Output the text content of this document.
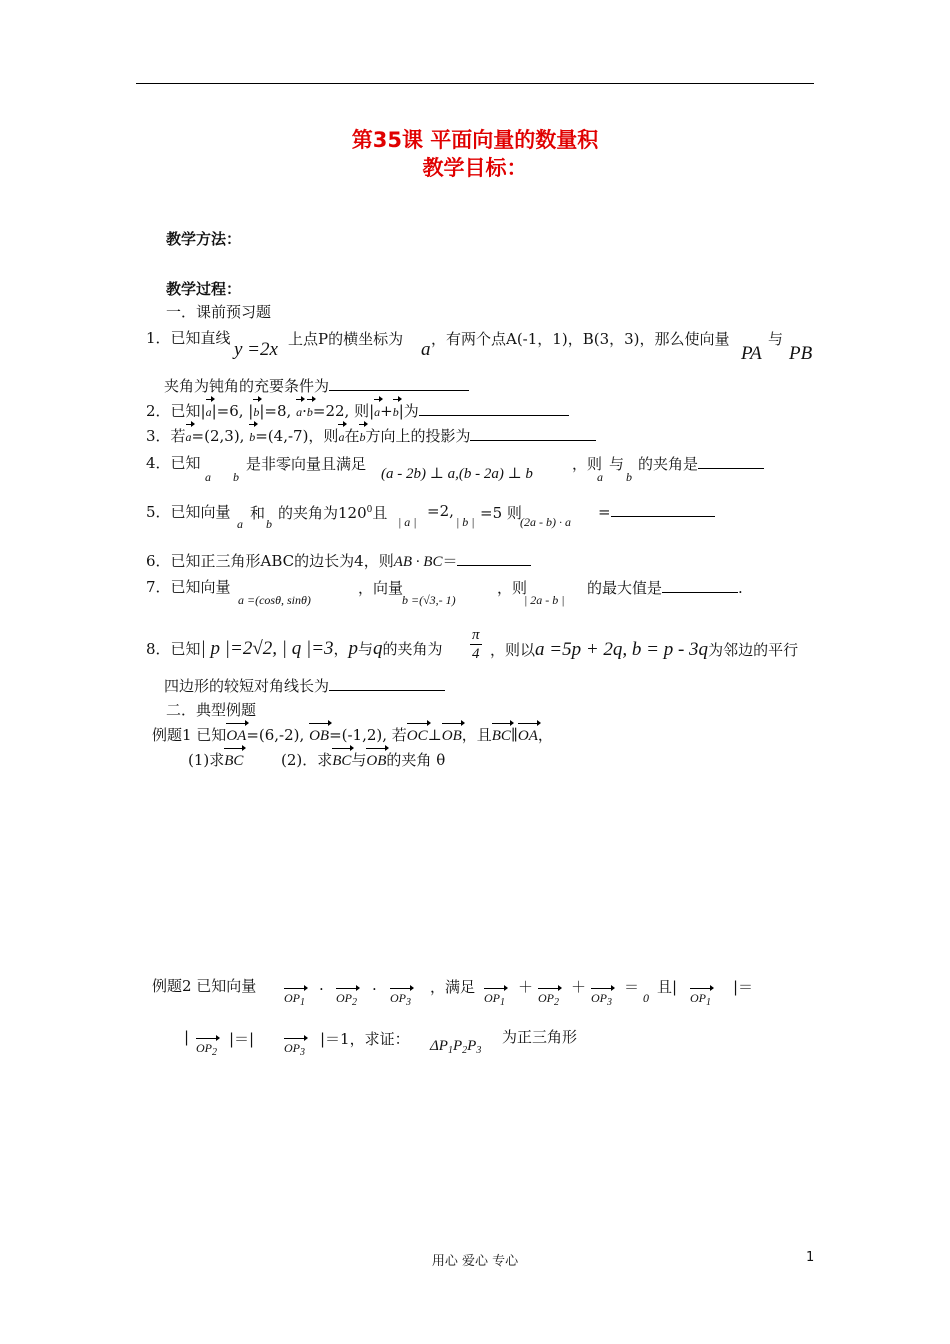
第35课 平面向量的数量积
教学目标：
教学方法：
教学过程：
一．课前预习题
1．已知直线
y =2x 上点P的横坐标为 a ，有两个点A(-1，1)，B(3，3)，那么使向量
PA
与
PB
夹角为钝角的充要条件为
2．已知|a|=6, |b|=8, a·b=22, 则|a+b|为
3．若a=(2,3), b=(4,-7)，则a在b方向上的投影为
4．已知
a b
是非零向量且满足
(a - 2b) ⊥ a,(b - 2a) ⊥ b
，则
a
与
b
的夹角是
5．已知向量
a
和
b
的夹角为$120^0$且 | a |
=2,
| b | =5 则
(2a - b) · a
=
6．已知正三角形ABC的边长为4，则AB · BC＝
7．已知向量
a =(cosθ, sinθ)
，向量
b =(√3,- 1)
，则
| 2a - b |
的最大值是	.
8．已知| p |=2√2, | q |=3，p与q的夹角为 $\frac{\pi}{4}$ ，则以a =5p + 2q, b = p - 3q为邻边的平行
四边形的较短对角线长为
二．典型例题
例题1 已知OA=(6,-2), OB=(-1,2), 若OC⊥OB，且BC∥OA，
(1)求BC	(2)．求BC与OB的夹角 θ
例题2 已知向量
$OP_1$
.
$OP_2$
.
$OP_3$
，满足
$OP_1$
＋
$OP_2$
＋
$OP_3$
＝
0
且|
$OP_1$
|＝
|
$OP_2$
|＝| $OP_3$
|＝1，求证： $\Delta P_1P_2P_3$
为正三角形
用心 爱心 专心	1
